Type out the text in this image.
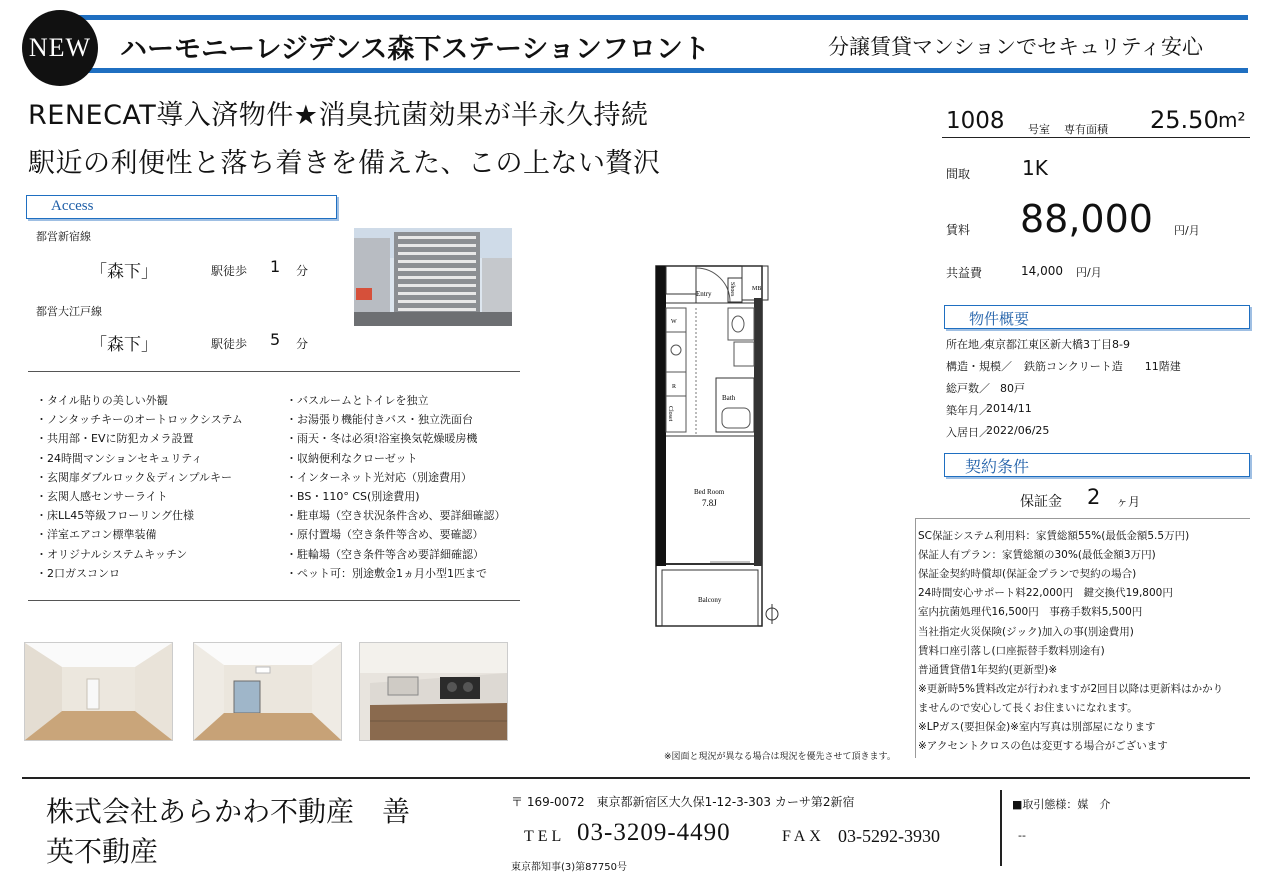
NEW ハーモニーレジデンス森下ステーションフロント	分譲賃貸マンションでセキュリティ安心
RENECAT導入済物件★消臭抗菌効果が半永久持続
駅近の利便性と落ち着きを備えた、この上ない贅沢
Access
都営新宿線
「森下」	駅徒歩 1 分
都営大江戸線
「森下」	駅徒歩 5 分
・タイル貼りの美しい外観
・ノンタッチキーのオートロックシステム
・共用部・EVに防犯カメラ設置
・24時間マンションセキュリティ
・玄関扉ダブルロック＆ディンプルキー
・玄関人感センサーライト
・床LL45等級フローリング仕様
・洋室エアコン標準装備
・オリジナルシステムキッチン
・2口ガスコンロ
・バスルームとトイレを独立
・お湯張り機能付きバス・独立洗面台
・雨天・冬は必須!浴室換気乾燥暖房機
・収納便利なクローゼット
・インターネット光対応（別途費用）
・BS・110° CS(別途費用)
・駐車場（空き状況条件含め、要詳細確認）
・原付置場（空き条件等含め、要確認）
・駐輪場（空き条件等含め要詳細確認）
・ペット可：別途敷金1ヵ月小型1匹まで
Entry	Shoes	MB
W
R
Bath
Closet
Bed Room
7.8J
Balcony
※図面と現況が異なる場合は現況を優先させて頂きます。
1008 号室 専有面積 25.50 m²
間取	1K
賃料 88,000 円/月
共益費	14,000 円/月
物件概要
所在地／
東京都江東区新大橋3丁目8-9
構造・規模／ 鉄筋コンクリート造　　11階建
総戸数／ 80戸
築年月／
2014/11
入居日／
2022/06/25
契約条件
保証金 2 ヶ月
SC保証システム利用料：家賃総額55%(最低金額5.5万円)
保証人有プラン：家賃総額の30%(最低金額3万円)
保証金契約時償却(保証金プランで契約の場合)
24時間安心サポート料22,000円　鍵交換代19,800円
室内抗菌処理代16,500円　事務手数料5,500円
当社指定火災保険(ジック)加入の事(別途費用)
賃料口座引落し(口座振替手数料別途有)
普通賃貸借1年契約(更新型)※
※更新時5%賃料改定が行われますが2回目以降は更新料はかかり
ませんので安心して長くお住まいになれます。
※LPガス(要担保金)※室内写真は別部屋になります
※アクセントクロスの色は変更する場合がございます
株式会社あらかわ不動産　善
英不動産
〒 169-0072　東京都新宿区大久保1-12-3-303 カーサ第2新宿
TEL 03-3209-4490	FAX 03-5292-3930
東京都知事(3)第87750号
■取引態様：媒　介
--
